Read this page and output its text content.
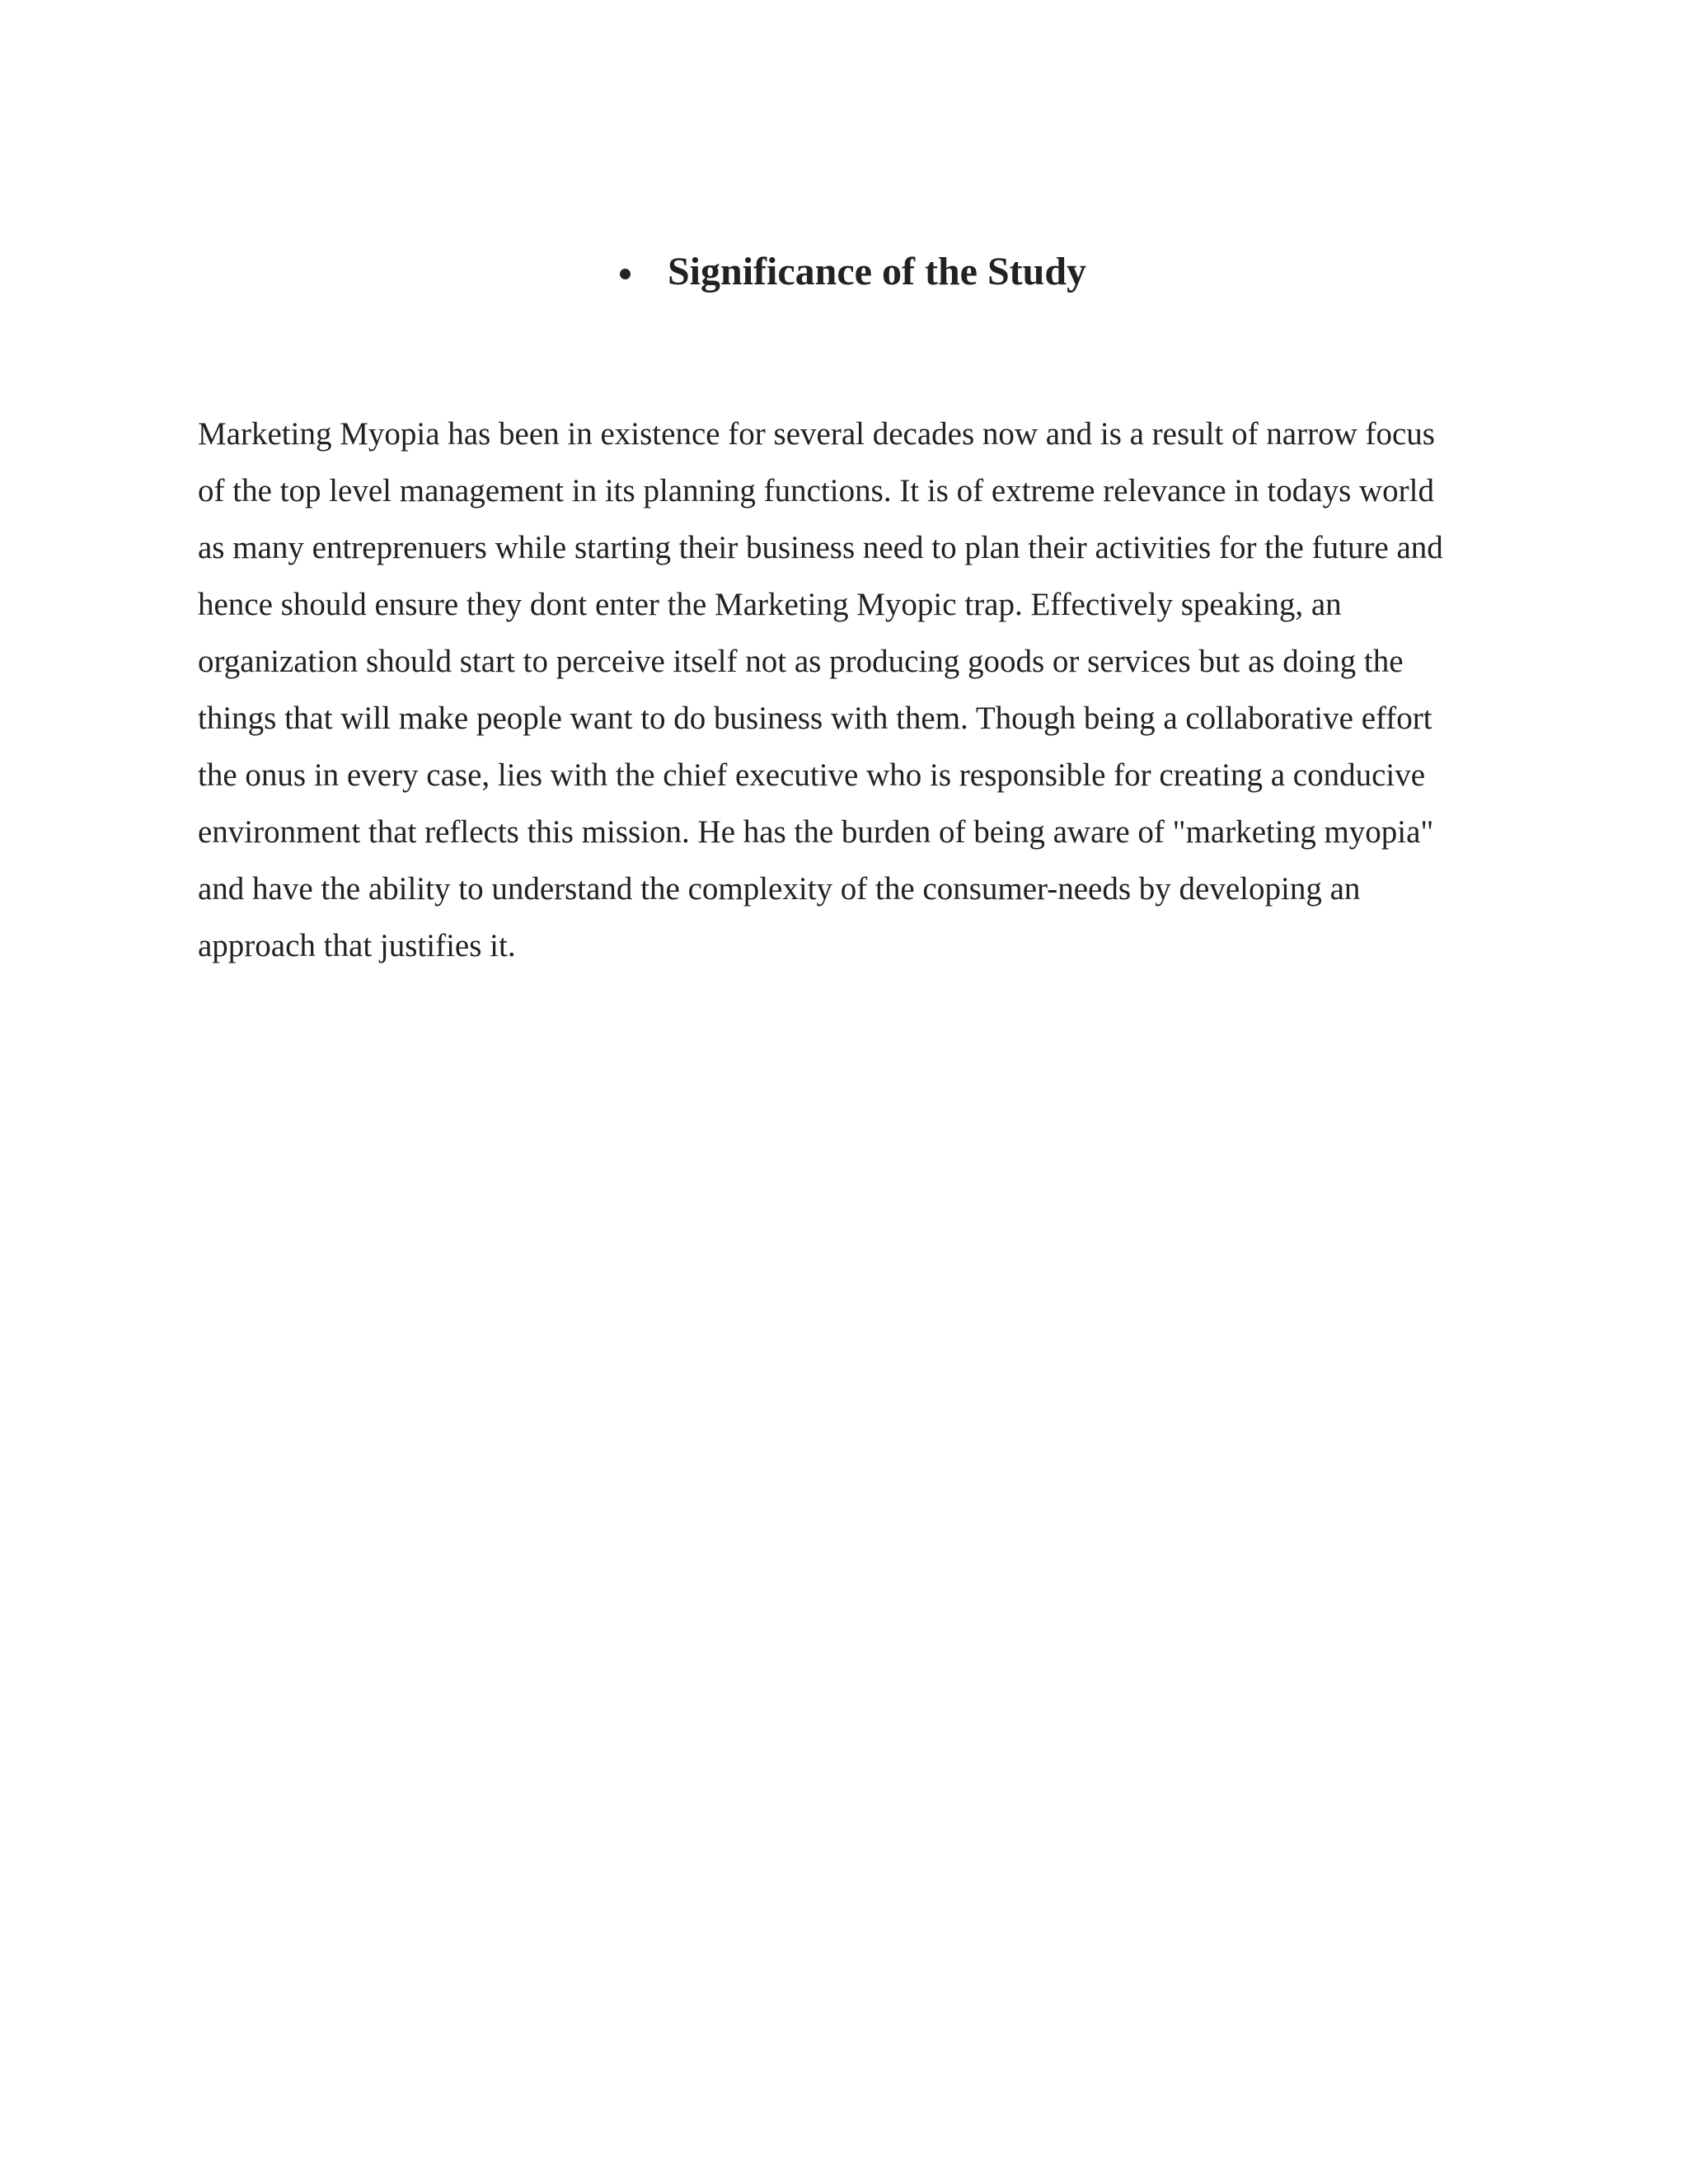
Significance of the Study
Marketing Myopia has been in existence for several decades now and is a result of narrow focus
of the top level management in its planning functions. It is of extreme relevance in todays world
as many entreprenuers while starting their business need to plan their activities for the future and
hence should ensure they dont enter the Marketing Myopic trap. Effectively speaking, an
organization should start to perceive itself not as producing goods or services but as doing the
things that will make people want to do business with them. Though being a collaborative effort
the onus in every case, lies with the chief executive who is responsible for creating a conducive
environment that reflects this mission. He has the burden of being aware of "marketing myopia"
and have the ability to understand the complexity of the consumer-needs by developing an
approach that justifies it.
